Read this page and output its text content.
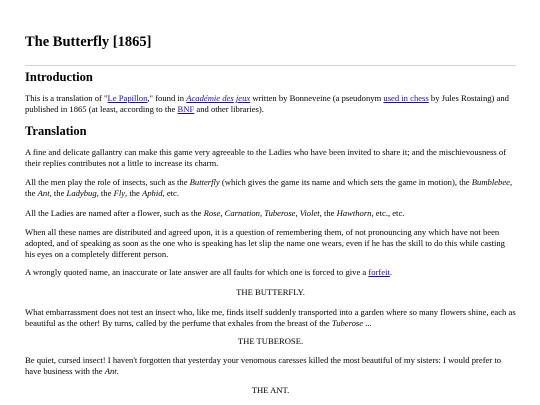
The Butterfly [1865]
Introduction

This is a translation of "Le Papillon," found in Académie des jeux written by Bonneveine (a pseudonym used in chess by Jules Rostaing) and published in 1865 (at least, according to the BNF and other libraries).

Translation

A fine and delicate gallantry can make this game very agreeable to the Ladies who have been invited to share it; and the mischievousness of their replies contributes not a little to increase its charm.

All the men play the role of insects, such as the Butterfly (which gives the game its name and which sets the game in motion), the Bumblebee, the Ant, the Ladybug, the Fly, the Aphid, etc.

All the Ladies are named after a flower, such as the Rose, Carnation, Tuberose, Violet, the Hawthorn, etc., etc.

When all these names are distributed and agreed upon, it is a question of remembering them, of not pronouncing any which have not been adopted, and of speaking as soon as the one who is speaking has let slip the name one wears, even if he has the skill to do this while casting his eyes on a completely different person.

A wrongly quoted name, an inaccurate or late answer are all faults for which one is forced to give a forfeit.

THE BUTTERFLY.

What embarrassment does not test an insect who, like me, finds itself suddenly transported into a garden where so many flowers shine, each as beautiful as the other! By turns, called by the perfume that exhales from the breast of the Tuberose ...

THE TUBEROSE.

Be quiet, cursed insect! I haven't forgotten that yesterday your venomous caresses killed the most beautiful of my sisters: I would prefer to have business with the Ant.

THE ANT.
